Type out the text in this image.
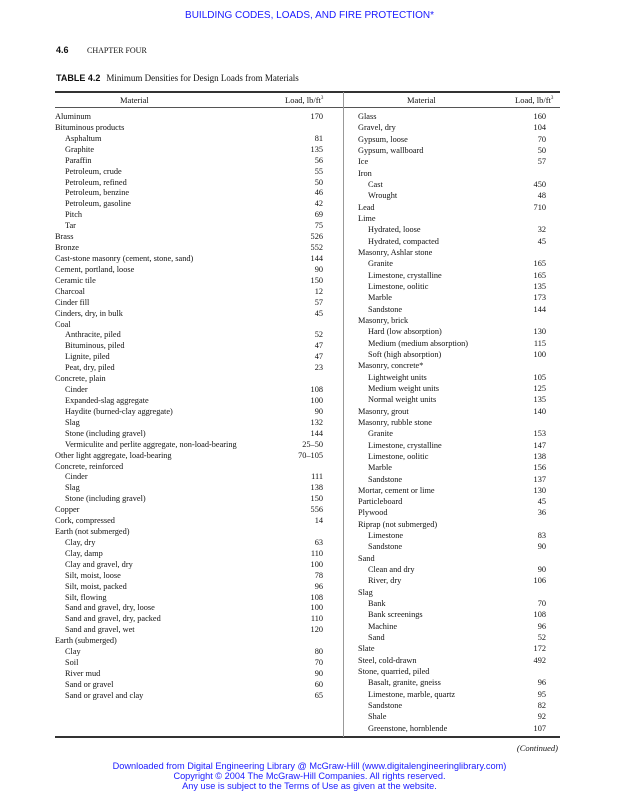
BUILDING CODES, LOADS, AND FIRE PROTECTION*
4.6 CHAPTER FOUR
TABLE 4.2 Minimum Densities for Design Loads from Materials
Material	Load, $lb/ft^3$	Material	Load, $lb/ft^3$
Aluminum	170
Bituminous products
Asphaltum	81
Graphite	135
Paraffin	56
Petroleum, crude	55
Petroleum, refined	50
Petroleum, benzine	46
Petroleum, gasoline	42
Pitch	69
Tar	75
Brass	526
Bronze	552
Cast-stone masonry (cement, stone, sand)	144
Cement, portland, loose	90
Ceramic tile	150
Charcoal	12
Cinder fill	57
Cinders, dry, in bulk	45
Coal
Anthracite, piled	52
Bituminous, piled	47
Lignite, piled	47
Peat, dry, piled	23
Concrete, plain
Cinder	108
Expanded-slag aggregate	100
Haydite (burned-clay aggregate)	90
Slag	132
Stone (including gravel)	144
Vermiculite and perlite aggregate, non-load-bearing	25–50
Other light aggregate, load-bearing	70–105
Concrete, reinforced
Cinder	111
Slag	138
Stone (including gravel)	150
Copper	556
Cork, compressed	14
Earth (not submerged)
Clay, dry	63
Clay, damp	110
Clay and gravel, dry	100
Silt, moist, loose	78
Silt, moist, packed	96
Silt, flowing	108
Sand and gravel, dry, loose	100
Sand and gravel, dry, packed	110
Sand and gravel, wet	120
Earth (submerged)
Clay	80
Soil	70
River mud	90
Sand or gravel	60
Sand or gravel and clay	65
Glass	160
Gravel, dry	104
Gypsum, loose	70
Gypsum, wallboard	50
Ice	57
Iron
Cast	450
Wrought	48
Lead	710
Lime
Hydrated, loose	32
Hydrated, compacted	45
Masonry, Ashlar stone
Granite	165
Limestone, crystalline	165
Limestone, oolitic	135
Marble	173
Sandstone	144
Masonry, brick
Hard (low absorption)	130
Medium (medium absorption)	115
Soft (high absorption)	100
Masonry, concrete*
Lightweight units	105
Medium weight units	125
Normal weight units	135
Masonry, grout	140
Masonry, rubble stone
Granite	153
Limestone, crystalline	147
Limestone, oolitic	138
Marble	156
Sandstone	137
Mortar, cement or lime	130
Particleboard	45
Plywood	36
Riprap (not submerged)
Limestone	83
Sandstone	90
Sand
Clean and dry	90
River, dry	106
Slag
Bank	70
Bank screenings	108
Machine	96
Sand	52
Slate	172
Steel, cold-drawn	492
Stone, quarried, piled
Basalt, granite, gneiss	96
Limestone, marble, quartz	95
Sandstone	82
Shale	92
Greenstone, hornblende	107
(Continued)
Downloaded from Digital Engineering Library @ McGraw-Hill (www.digitalengineeringlibrary.com)
Copyright © 2004 The McGraw-Hill Companies. All rights reserved.
Any use is subject to the Terms of Use as given at the website.
